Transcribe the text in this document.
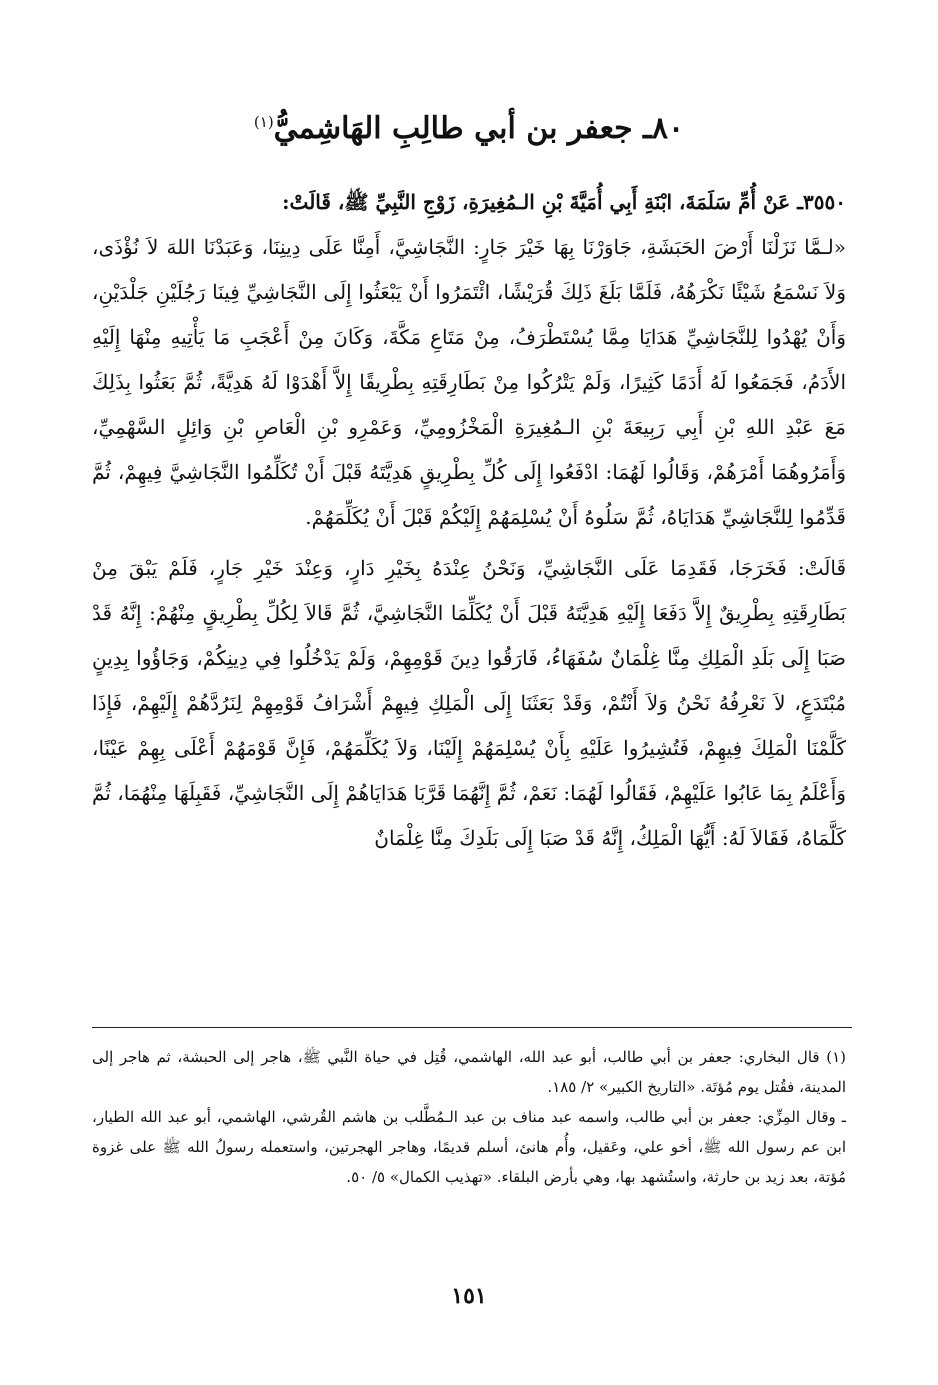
٨٠ـ جعفر بن أبي طالِبِ الهَاشِميُّ$^{(١)}$

٣٥٥٠ـ عَنْ أُمِّ سَلَمَةَ، ابْنَةِ أَبِي أُمَيَّةَ بْنِ الـمُغِيرَةِ، زَوْجِ النَّبِيِّ ﷺ، قَالَتْ:

«لـمَّا نَزَلْنَا أَرْضَ الحَبَشَةِ، جَاوَرْنَا بِهَا خَيْرَ جَارٍ: النَّجَاشِيَّ، أَمِنَّا عَلَى دِينِنَا، وَعَبَدْنَا اللهَ لاَ نُؤْذَى، وَلاَ نَسْمَعُ شَيْئًا نَكْرَهُهُ، فَلَمَّا بَلَغَ ذَلِكَ قُرَيْشًا، ائْتَمَرُوا أَنْ يَبْعَثُوا إِلَى النَّجَاشِيِّ فِينَا رَجُلَيْنِ جَلْدَيْنِ، وَأَنْ يُهْدُوا لِلنَّجَاشِيِّ هَدَايَا مِمَّا يُسْتَطْرَفُ، مِنْ مَتَاعِ مَكَّةَ، وَكَانَ مِنْ أَعْجَبِ مَا يَأْتِيهِ مِنْهَا إِلَيْهِ الأَدَمُ، فَجَمَعُوا لَهُ أَدَمًا كَثِيرًا، وَلَمْ يَتْرُكُوا مِنْ بَطَارِقَتِهِ بِطْرِيقًا إِلاَّ أَهْدَوْا لَهُ هَدِيَّةً، ثُمَّ بَعَثُوا بِذَلِكَ مَعَ عَبْدِ اللهِ بْنِ أَبِي رَبِيعَةَ بْنِ الـمُغِيرَةِ الْمَخْزُومِيِّ، وَعَمْرِو بْنِ الْعَاصِ بْنِ وَائِلٍ السَّهْمِيِّ، وَأَمَرُوهُمَا أَمْرَهُمْ، وَقَالُوا لَهُمَا: ادْفَعُوا إِلَى كُلِّ بِطْرِيقٍ هَدِيَّتَهُ قَبْلَ أَنْ تُكَلِّمُوا النَّجَاشِيَّ فِيهِمْ، ثُمَّ قَدِّمُوا لِلنَّجَاشِيِّ هَدَايَاهُ، ثُمَّ سَلُوهُ أَنْ يُسْلِمَهُمْ إِلَيْكُمْ قَبْلَ أَنْ يُكَلِّمَهُمْ.

قَالَتْ: فَخَرَجَا، فَقَدِمَا عَلَى النَّجَاشِيِّ، وَنَحْنُ عِنْدَهُ بِخَيْرِ دَارٍ، وَعِنْدَ خَيْرِ جَارٍ، فَلَمْ يَبْقَ مِنْ بَطَارِقَتِهِ بِطْرِيقٌ إِلاَّ دَفَعَا إِلَيْهِ هَدِيَّتَهُ قَبْلَ أَنْ يُكَلِّمَا النَّجَاشِيَّ، ثُمَّ قَالاَ لِكُلِّ بِطْرِيقٍ مِنْهُمْ: إِنَّهُ قَدْ صَبَا إِلَى بَلَدِ الْمَلِكِ مِنَّا غِلْمَانٌ سُفَهَاءُ، فَارَقُوا دِينَ قَوْمِهِمْ، وَلَمْ يَدْخُلُوا فِي دِينِكُمْ، وَجَاؤُوا بِدِينٍ مُبْتَدَعٍ، لاَ نَعْرِفُهُ نَحْنُ وَلاَ أَنْتُمْ، وَقَدْ بَعَثَنَا إِلَى الْمَلِكِ فِيهِمْ أَشْرَافُ قَوْمِهِمْ لِنَرُدَّهُمْ إِلَيْهِمْ، فَإِذَا كَلَّمْنَا الْمَلِكَ فِيهِمْ، فَتُشِيرُوا عَلَيْهِ بِأَنْ يُسْلِمَهُمْ إِلَيْنَا، وَلاَ يُكَلِّمَهُمْ، فَإِنَّ قَوْمَهُمْ أَعْلَى بِهِمْ عَيْنًا، وَأَعْلَمُ بِمَا عَابُوا عَلَيْهِمْ، فَقَالُوا لَهُمَا: نَعَمْ، ثُمَّ إِنَّهُمَا قَرَّبَا هَدَايَاهُمْ إِلَى النَّجَاشِيِّ، فَقَبِلَهَا مِنْهُمَا، ثُمَّ كَلَّمَاهُ، فَقَالاَ لَهُ: أَيُّهَا الْمَلِكُ، إِنَّهُ قَدْ صَبَا إِلَى بَلَدِكَ مِنَّا غِلْمَانٌ

(١) قال البخاري: جعفر بن أبي طالب، أبو عبد الله، الهاشمي، قُتِل في حياة النَّبي ﷺ، هاجر إلى الحبشة، ثم هاجر إلى المدينة، فقُتل يوم مُؤتَة. «التاريخ الكبير» ٢/ ١٨٥.

ـ وقال المِزِّي: جعفر بن أبي طالب، واسمه عبد مناف بن عبد الـمُطَّلب بن هاشم القُرشي، الهاشمي، أبو عبد الله الطيار، ابن عم رسول الله ﷺ، أخو علي، وعَقيل، وأُم هانئ، أسلم قديمًا، وهاجر الهجرتين، واستعمله رسولُ الله ﷺ على غزوة مُؤتة، بعد زيد بن حارثة، واستُشهد بها، وهي بأرض البلقاء. «تهذيب الكمال» ٥/ ٥٠.

١٥١
